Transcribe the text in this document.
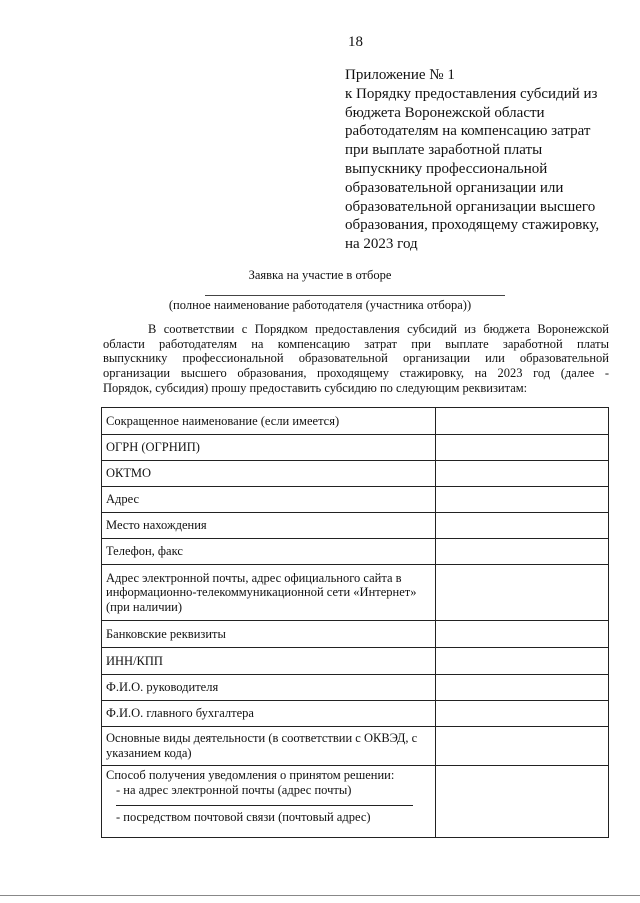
18
Приложение № 1
к Порядку предоставления субсидий из
бюджета Воронежской области
работодателям на компенсацию затрат
при выплате заработной платы
выпускнику профессиональной
образовательной организации или
образовательной организации высшего
образования, проходящему стажировку,
на 2023 год
Заявка на участие в отборе
(полное наименование работодателя (участника отбора))
В соответствии с Порядком предоставления субсидий из бюджета Воронежской
области работодателям на компенсацию затрат при выплате заработной платы
выпускнику профессиональной образовательной организации или образовательной
организации высшего образования, проходящему стажировку, на 2023 год (далее -
Порядок, субсидия) прошу предоставить субсидию по следующим реквизитам:
Сокращенное наименование (если имеется)	
ОГРН (ОГРНИП)	
ОКТМО	
Адрес	
Место нахождения	
Телефон, факс	
Адрес электронной почты, адрес официального сайта в информационно-телекоммуникационной сети «Интернет» (при наличии)	
Банковские реквизиты	
ИНН/КПП	
Ф.И.О. руководителя	
Ф.И.О. главного бухгалтера	
Основные виды деятельности (в соответствии с ОКВЭД, с указанием кода)	

Способ получения уведомления о принятом решении:
- на адрес электронной почты (адрес почты)
- посредством почтовой связи (почтовый адрес)	
